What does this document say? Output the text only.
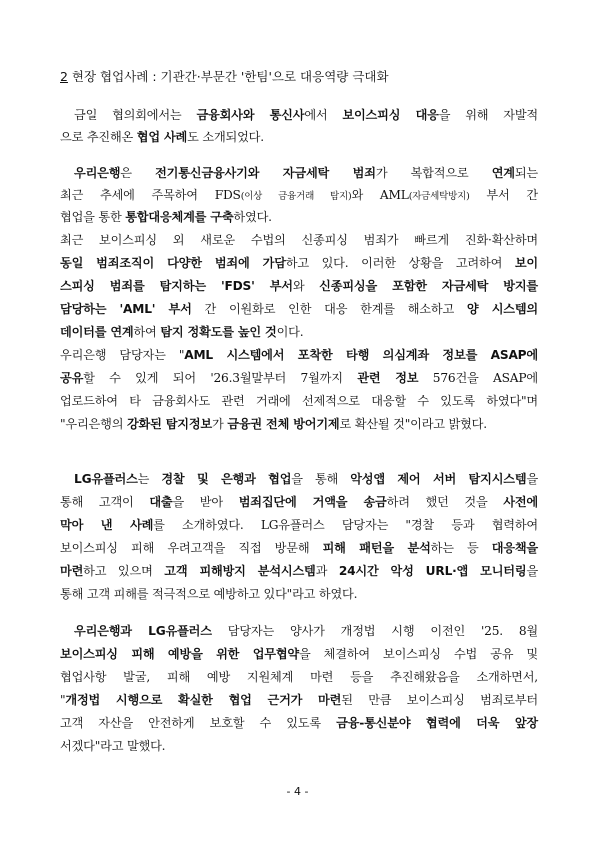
2 현장 협업사례 : 기관간·부문간 '한팀'으로 대응역량 극대화
금일 협의회에서는 금융회사와 통신사에서 보이스피싱 대응을 위해 자발적
으로 추진해온 협업 사례도 소개되었다.
우리은행은 전기통신금융사기와 자금세탁 범죄가 복합적으로 연계되는
최근 추세에 주목하여 FDS(이상 금융거래 탐지)와 AML(자금세탁방지) 부서 간
협업을 통한 통합대응체계를 구축하였다.
최근 보이스피싱 외 새로운 수법의 신종피싱 범죄가 빠르게 진화·확산하며
동일 범죄조직이 다양한 범죄에 가담하고 있다. 이러한 상황을 고려하여 보이
스피싱 범죄를 탐지하는 'FDS' 부서와 신종피싱을 포함한 자금세탁 방지를
담당하는 'AML' 부서 간 이원화로 인한 대응 한계를 해소하고 양 시스템의
데이터를 연계하여 탐지 정확도를 높인 것이다.
우리은행 담당자는 "AML 시스템에서 포착한 타행 의심계좌 정보를 ASAP에
공유할 수 있게 되어 '26.3월말부터 7월까지 관련 정보 576건을 ASAP에
업로드하여 타 금융회사도 관련 거래에 선제적으로 대응할 수 있도록 하였다"며
"우리은행의 강화된 탐지정보가 금융권 전체 방어기제로 확산될 것"이라고 밝혔다.
LG유플러스는 경찰 및 은행과 협업을 통해 악성앱 제어 서버 탐지시스템을
통해 고객이 대출을 받아 범죄집단에 거액을 송금하려 했던 것을 사전에
막아 낸 사례를 소개하였다. LG유플러스 담당자는 "경찰 등과 협력하여
보이스피싱 피해 우려고객을 직접 방문해 피해 패턴을 분석하는 등 대응책을
마련하고 있으며 고객 피해방지 분석시스템과 24시간 악성 URL·앱 모니터링을
통해 고객 피해를 적극적으로 예방하고 있다"라고 하였다.
우리은행과 LG유플러스 담당자는 양사가 개정법 시행 이전인 '25. 8월
보이스피싱 피해 예방을 위한 업무협약을 체결하여 보이스피싱 수법 공유 및
협업사항 발굴, 피해 예방 지원체계 마련 등을 추진해왔음을 소개하면서,
"개정법 시행으로 확실한 협업 근거가 마련된 만큼 보이스피싱 범죄로부터
고객 자산을 안전하게 보호할 수 있도록 금융-통신분야 협력에 더욱 앞장
서겠다"라고 말했다.
- 4 -
